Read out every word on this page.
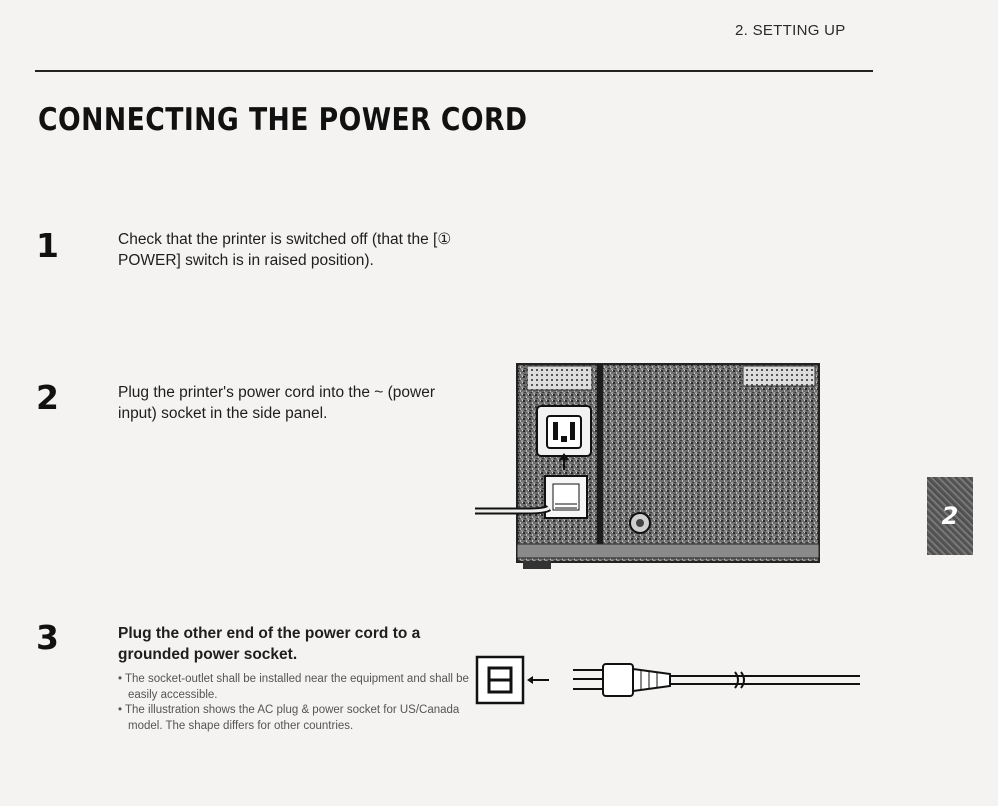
2. SETTING UP
CONNECTING THE POWER CORD
1	Check that the printer is switched off (that the [① POWER] switch is in raised position).
2	Plug the printer's power cord into the ~ (power input) socket in the side panel.
3	Plug the other end of the power cord to a grounded power socket.
• The socket-outlet shall be installed near the equipment and shall be easily accessible.
• The illustration shows the AC plug & power socket for US/Canada model. The shape differs for other countries.
2
